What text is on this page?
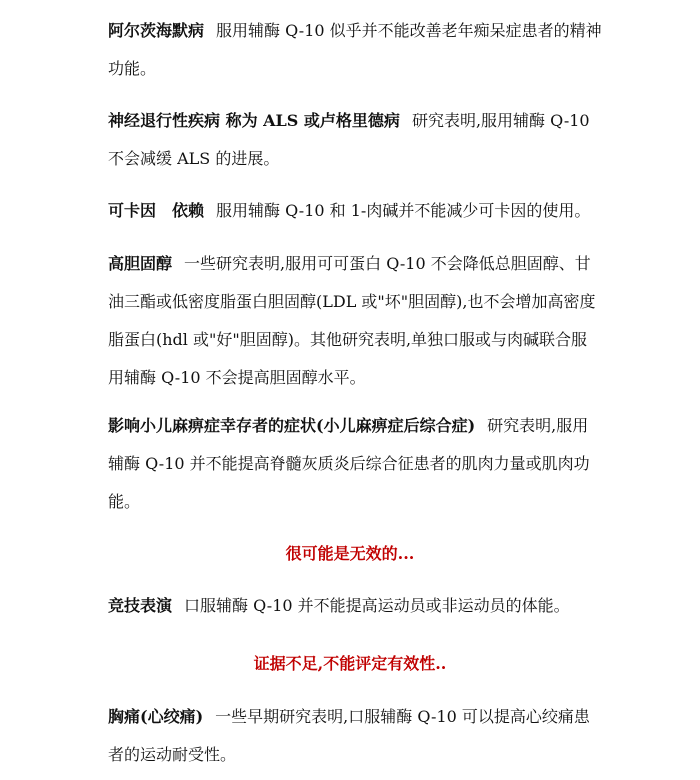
阿尔茨海默病 服用辅酶 Q-10 似乎并不能改善老年痴呆症患者的精神功能。

神经退行性疾病 称为 ALS 或卢格里德病 研究表明,服用辅酶 Q-10 不会减缓 ALS 的进展。

可卡因　依赖 服用辅酶 Q-10 和 1-肉碱并不能减少可卡因的使用。

高胆固醇 一些研究表明,服用可可蛋白 Q-10 不会降低总胆固醇、甘油三酯或低密度脂蛋白胆固醇(LDL 或"坏"胆固醇),也不会增加高密度脂蛋白(hdl 或"好"胆固醇)。其他研究表明,单独口服或与肉碱联合服用辅酶 Q-10 不会提高胆固醇水平。

影响小儿麻痹症幸存者的症状(小儿麻痹症后综合症) 研究表明,服用辅酶 Q-10 并不能提高脊髓灰质炎后综合征患者的肌肉力量或肌肉功能。

很可能是无效的...

竞技表演 口服辅酶 Q-10 并不能提高运动员或非运动员的体能。

证据不足,不能评定有效性..

胸痛(心绞痛) 一些早期研究表明,口服辅酶 Q-10 可以提高心绞痛患者的运动耐受性。
